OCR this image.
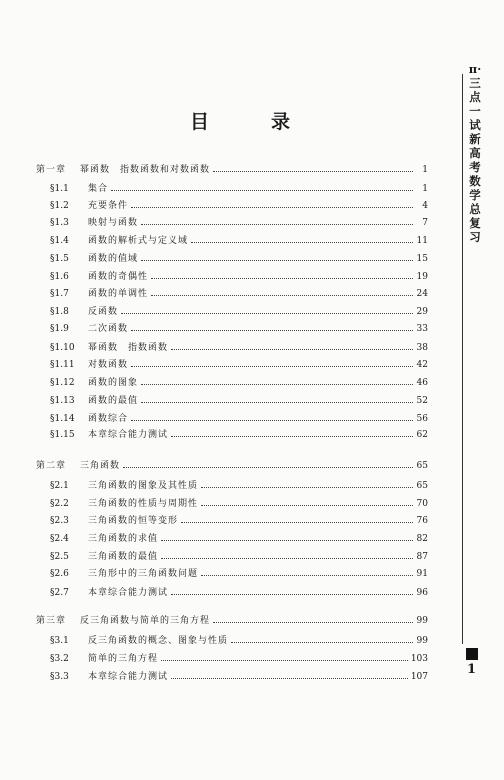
目	录
第一章	幂函数　指数函数和对数函数	1
§1.1	集合	1
§1.2	充要条件	4
§1.3	映射与函数	7
§1.4	函数的解析式与定义域	11
§1.5	函数的值域	15
§1.6	函数的奇偶性	19
§1.7	函数的单调性	24
§1.8	反函数	29
§1.9	二次函数	33
§1.10	幂函数　指数函数	38
§1.11	对数函数	42
§1.12	函数的图象	46
§1.13	函数的最值	52
§1.14	函数综合	56
§1.15	本章综合能力测试	62
第二章	三角函数	65
§2.1	三角函数的图象及其性质	65
§2.2	三角函数的性质与周期性	70
§2.3	三角函数的恒等变形	76
§2.4	三角函数的求值	82
§2.5	三角函数的最值	87
§2.6	三角形中的三角函数问题	91
§2.7	本章综合能力测试	96
第三章	反三角函数与简单的三角方程	99
§3.1	反三角函数的概念、图象与性质	99
§3.2	简单的三角方程	103
§3.3	本章综合能力测试	107
π·三点一试新高考数学总复习
1
